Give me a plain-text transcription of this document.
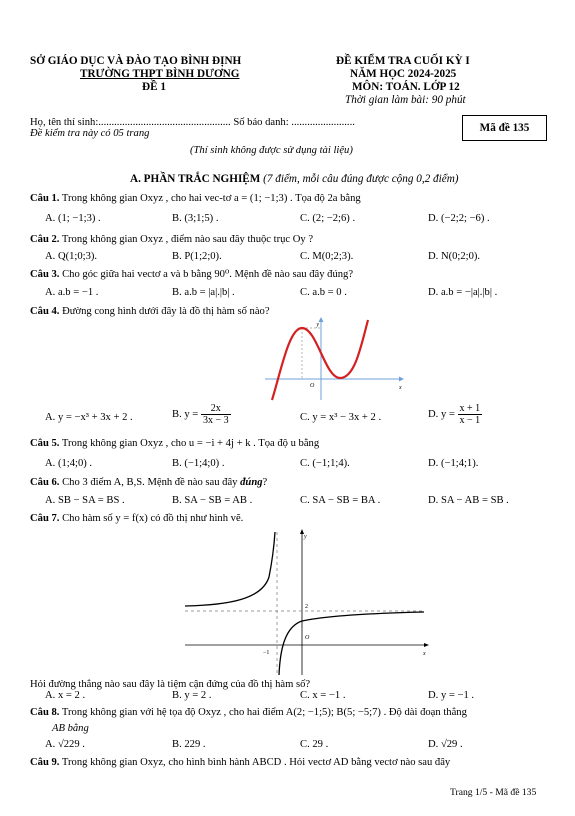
SỞ GIÁO DỤC VÀ ĐÀO TẠO BÌNH ĐỊNH
TRƯỜNG THPT BÌNH DƯƠNG
ĐỀ 1
ĐỀ KIỂM TRA CUỐI KỲ I
NĂM HỌC 2024-2025
MÔN: TOÁN. LỚP 12
Thời gian làm bài: 90 phút
Họ, tên thí sinh:.................................................. Số báo danh: ........................
Đề kiểm tra này có 05 trang	Mã đề 135
(Thí sinh không được sử dụng tài liệu)
A. PHẦN TRẮC NGHIỆM (7 điểm, mỗi câu đúng được cộng 0,2 điểm)
Câu 1. Trong không gian Oxyz , cho hai vec-tơ a = (1; −1;3) . Tọa độ 2a bằng
A. (1; −1;3) .	B. (3;1;5) .	C. (2; −2;6) .	D. (−2;2; −6) .
Câu 2. Trong không gian Oxyz , điểm nào sau đây thuộc trục Oy ?
A. Q(1;0;3).	B. P(1;2;0).	C. M(0;2;3).	D. N(0;2;0).
Câu 3. Cho góc giữa hai vectơ a và b bằng 90⁰. Mệnh đề nào sau đây đúng?
A. a.b = −1 .	B. a.b = |a|.|b| .	C. a.b = 0 .	D. a.b = −|a|.|b| .
Câu 4. Đường cong hình dưới đây là đồ thị hàm số nào?
y
x
O
A. y = −x³ + 3x + 2 .	B. $y = \frac{2x}{3x - 3}$	C. y = x³ − 3x + 2 .	D. $y = \frac{x + 1}{x - 1}$
Câu 5. Trong không gian Oxyz , cho u = −i + 4j + k . Tọa độ u bằng
A. (1;4;0) .	B. (−1;4;0) .	C. (−1;1;4).	D. (−1;4;1).
Câu 6. Cho 3 điểm A, B,S. Mệnh đề nào sau đây đúng?
A. SB − SA = BS .	B. SA − SB = AB .	C. SA − SB = BA .	D. SA − AB = SB .
Câu 7. Cho hàm số y = f(x) có đồ thị như hình vẽ.
y
x
O
2
−1
Hỏi đường thẳng nào sau đây là tiệm cận đứng của đồ thị hàm số?
A. x = 2 .	B. y = 2 .	C. x = −1 .	D. y = −1 .
Câu 8. Trong không gian với hệ tọa độ Oxyz , cho hai điểm A(2; −1;5); B(5; −5;7) . Độ dài đoạn thẳng
AB bằng
A. √229 .	B. 229 .	C. 29 .	D. √29 .
Câu 9. Trong không gian Oxyz, cho hình bình hành ABCD . Hỏi vectơ AD bằng vectơ nào sau đây
Trang 1/5 - Mã đề 135
